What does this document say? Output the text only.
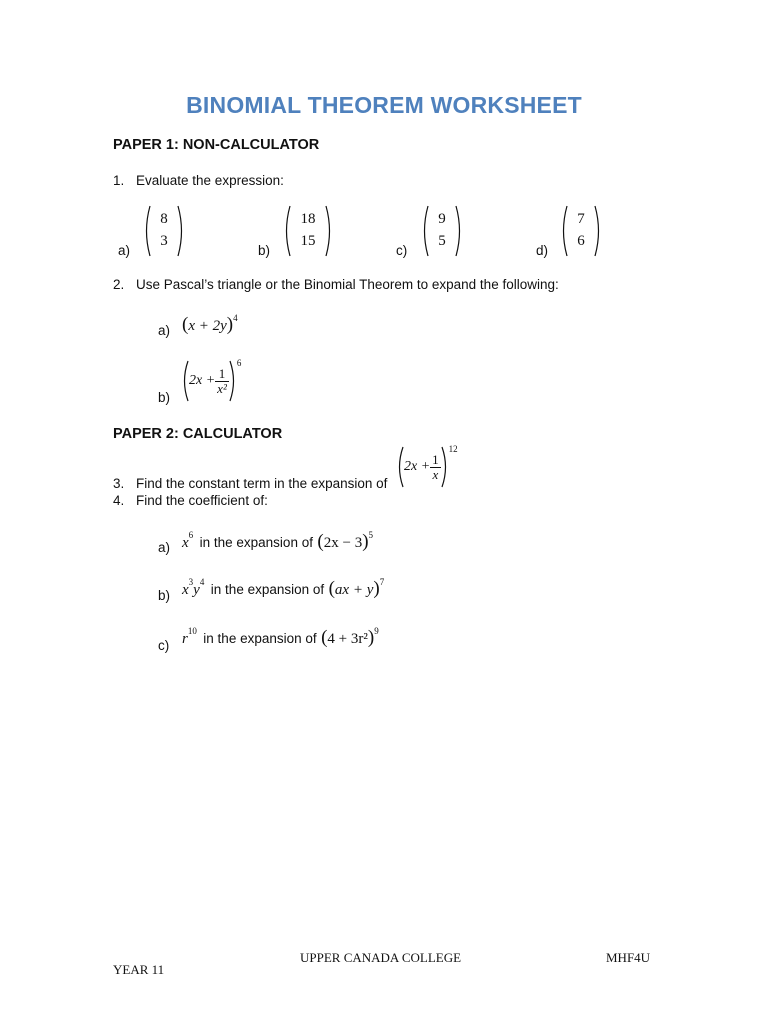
BINOMIAL THEOREM WORKSHEET
PAPER 1: NON-CALCULATOR
1. Evaluate the expression:
a)
8
3
b)
18
15
c)
9
5
d)
7
6
2. Use Pascal’s triangle or the Binomial Theorem to expand the following:
a) $(x + 2y)^4$
b)
$2x + \frac{1}{\text{x²}}$
$^6$
PAPER 2: CALCULATOR
3. Find the constant term in the expansion of
$2x + \frac{1}{x}$
$^{12}$
4. Find the coefficient of:
a) $x^6$ in the expansion of $(2x - 3)^5$
b) $x^3y^4$ in the expansion of (ax + y)$^7$
c) $r^{10}$ in the expansion of $(4 + 3r^2)^9$
UPPER CANADA COLLEGE	MHF4U
YEAR 11
